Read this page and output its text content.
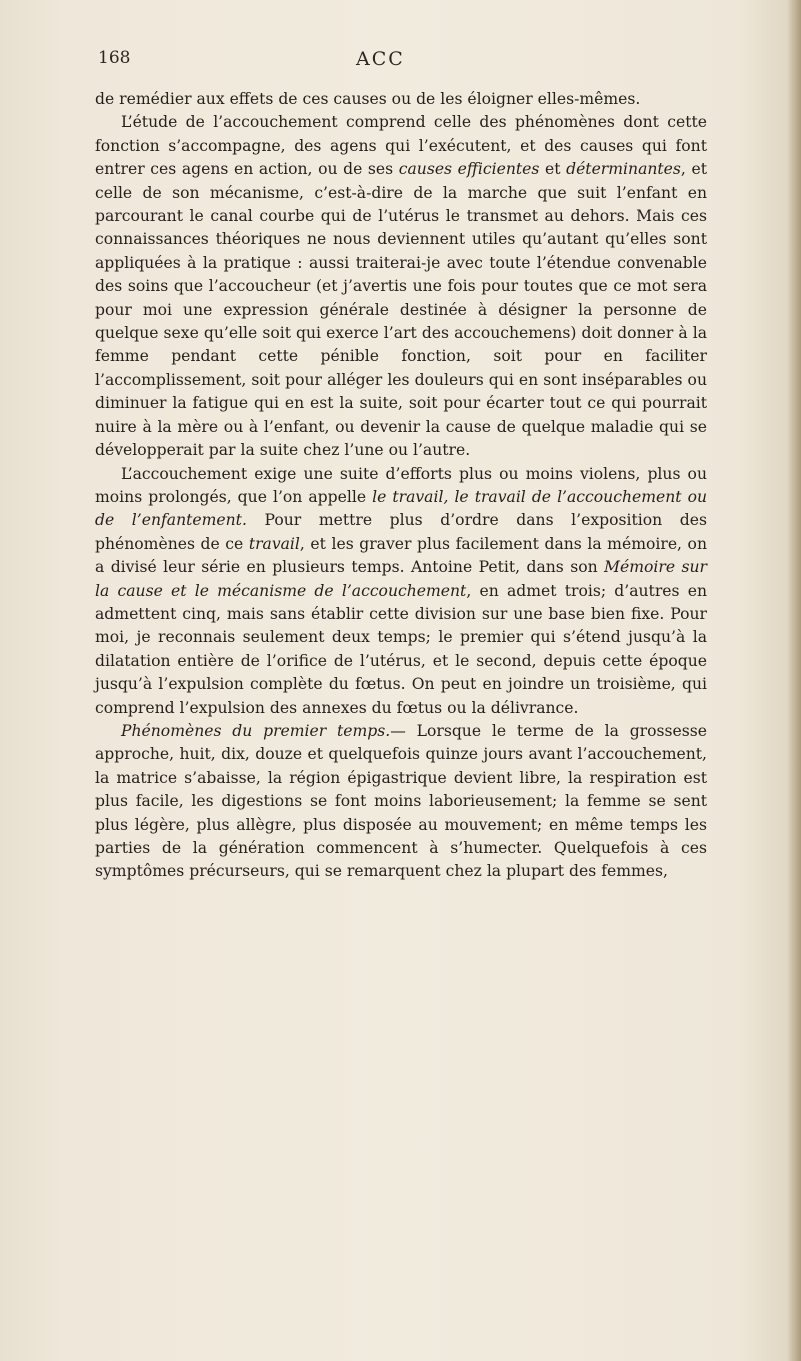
168	ACC

de remédier aux effets de ces causes ou de les éloigner elles-mêmes.

L’étude de l’accouchement comprend celle des phénomènes dont cette fonction s’accompagne, des agens qui l’exécutent, et des causes qui font entrer ces agens en action, ou de ses causes efficientes et déterminantes, et celle de son mécanisme, c’est-à-dire de la marche que suit l’enfant en parcourant le canal courbe qui de l’utérus le transmet au dehors. Mais ces connaissances théoriques ne nous deviennent utiles qu’autant qu’elles sont appliquées à la pratique : aussi traiterai-je avec toute l’étendue convenable des soins que l’accoucheur (et j’avertis une fois pour toutes que ce mot sera pour moi une expression générale destinée à désigner la personne de quelque sexe qu’elle soit qui exerce l’art des accouchemens) doit donner à la femme pendant cette pénible fonction, soit pour en faciliter l’accomplissement, soit pour alléger les douleurs qui en sont inséparables ou diminuer la fatigue qui en est la suite, soit pour écarter tout ce qui pourrait nuire à la mère ou à l’enfant, ou devenir la cause de quelque maladie qui se développerait par la suite chez l’une ou l’autre.

L’accouchement exige une suite d’efforts plus ou moins violens, plus ou moins prolongés, que l’on appelle le travail, le travail de l’accouchement ou de l’enfantement. Pour mettre plus d’ordre dans l’exposition des phénomènes de ce travail, et les graver plus facilement dans la mémoire, on a divisé leur série en plusieurs temps. Antoine Petit, dans son Mémoire sur la cause et le mécanisme de l’accouchement, en admet trois; d’autres en admettent cinq, mais sans établir cette division sur une base bien fixe. Pour moi, je reconnais seulement deux temps; le premier qui s’étend jusqu’à la dilatation entière de l’orifice de l’utérus, et le second, depuis cette époque jusqu’à l’expulsion complète du fœtus. On peut en joindre un troisième, qui comprend l’expulsion des annexes du fœtus ou la délivrance.

Phénomènes du premier temps.— Lorsque le terme de la grossesse approche, huit, dix, douze et quelquefois quinze jours avant l’accouchement, la matrice s’abaisse, la région épigastrique devient libre, la respiration est plus facile, les digestions se font moins laborieusement; la femme se sent plus légère, plus allègre, plus disposée au mouvement; en même temps les parties de la génération commencent à s’humecter. Quelquefois à ces symptômes précurseurs, qui se remarquent chez la plupart des femmes,
